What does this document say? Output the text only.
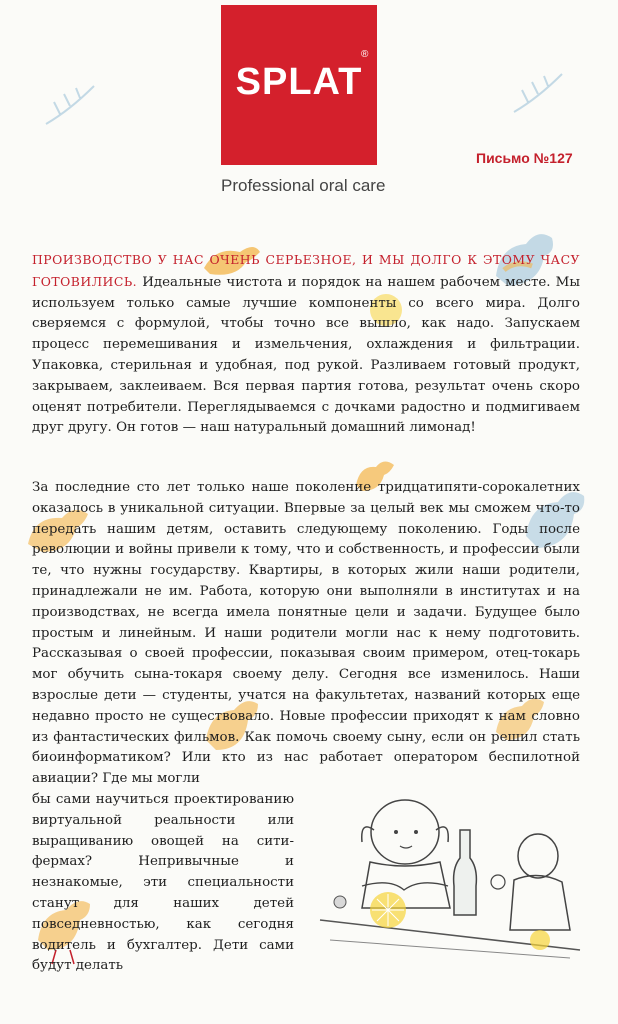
SPLAT
®
Professional oral care
Письмо №127

ПРОИЗВОДСТВО У НАС ОЧЕНЬ СЕРЬЕЗНОЕ, И МЫ ДОЛГО К ЭТОМУ ЧАСУ ГОТОВИЛИСЬ. Идеальные чистота и порядок на нашем рабочем месте. Мы используем только самые лучшие компоненты со всего мира. Долго сверяемся с формулой, чтобы точно все вышло, как надо. Запускаем процесс перемешивания и измельчения, охлаждения и фильтрации. Упаковка, стерильная и удобная, под рукой. Разливаем готовый продукт, закрываем, заклеиваем. Вся первая партия готова, результат очень скоро оценят потребители. Переглядываемся с дочками радостно и подмигиваем друг другу. Он готов — наш натуральный домашний лимонад!

За последние сто лет только наше поколение тридцатипяти-сорокалетних оказалось в уникальной ситуации. Впервые за целый век мы сможем что-то передать нашим детям, оставить следующему поколению. Годы после революции и войны привели к тому, что и собственность, и профессии были те, что нужны государству. Квартиры, в которых жили наши родители, принадлежали не им. Работа, которую они выполняли в институтах и на производствах, не всегда имела понятные цели и задачи. Будущее было простым и линейным. И наши родители могли нас к нему подготовить. Рассказывая о своей профессии, показывая своим примером, отец-токарь мог обучить сына-токаря своему делу. Сегодня все изменилось. Наши взрослые дети — студенты, учатся на факультетах, названий которых еще недавно просто не существовало. Новые профессии приходят к нам словно из фантастических фильмов. Как помочь своему сыну, если он решил стать биоинформатиком? Или кто из нас работает оператором беспилотной авиации? Где мы могли

бы сами научиться проектированию виртуальной реальности или выращиванию овощей на сити-фермах? Непривычные и незнакомые, эти специальности станут для наших детей повседневностью, как сегодня водитель и бухгалтер. Дети сами будут делать
